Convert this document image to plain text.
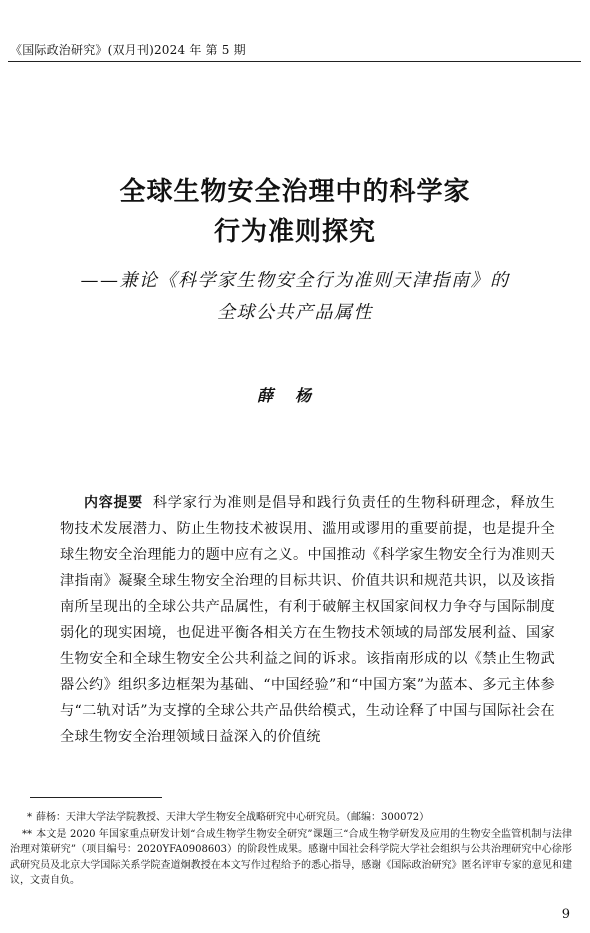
《国际政治研究》(双月刊)2024 年 第 5 期
全球生物安全治理中的科学家
行为准则探究
——兼论《科学家生物安全行为准则天津指南》的
全球公共产品属性
薛杨
内容提要 科学家行为准则是倡导和践行负责任的生物科研理念，释放生物技术发展潜力、防止生物技术被误用、滥用或谬用的重要前提，也是提升全球生物安全治理能力的题中应有之义。中国推动《科学家生物安全行为准则天津指南》凝聚全球生物安全治理的目标共识、价值共识和规范共识，以及该指南所呈现出的全球公共产品属性，有利于破解主权国家间权力争夺与国际制度弱化的现实困境，也促进平衡各相关方在生物技术领域的局部发展利益、国家生物安全和全球生物安全公共利益之间的诉求。该指南形成的以《禁止生物武器公约》组织多边框架为基础、“中国经验”和“中国方案”为蓝本、多元主体参与“二轨对话”为支撑的全球公共产品供给模式，生动诠释了中国与国际社会在全球生物安全治理领域日益深入的价值统
* 薛杨：天津大学法学院教授、天津大学生物安全战略研究中心研究员。（邮编：300072）
** 本文是 2020 年国家重点研发计划“合成生物学生物安全研究”课题三“合成生物学研发及应用的生物安全监管机制与法律治理对策研究”（项目编号：2020YFA0908603）的阶段性成果。感谢中国社会科学院大学社会组织与公共治理研究中心徐彤武研究员及北京大学国际关系学院查道炯教授在本文写作过程给予的悉心指导，感谢《国际政治研究》匿名评审专家的意见和建议，文责自负。
9
